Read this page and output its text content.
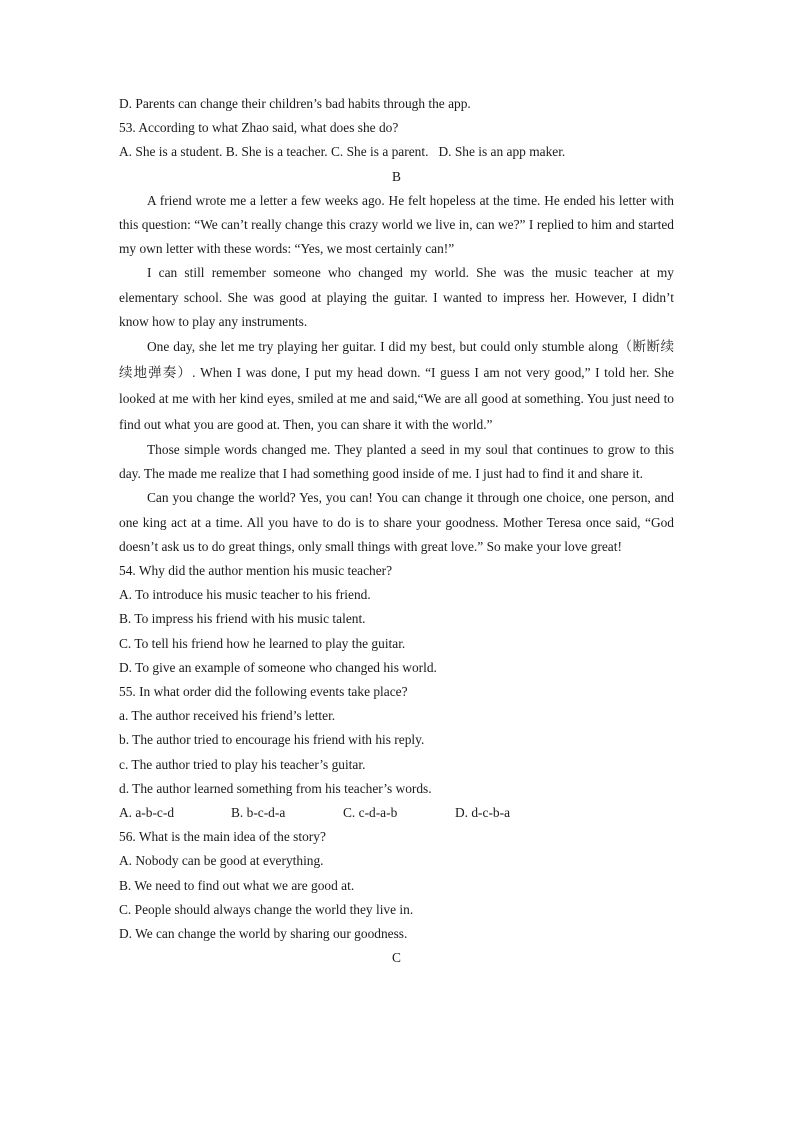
D. Parents can change their children’s bad habits through the app.

53. According to what Zhao said, what does she do?

A. She is a student. B. She is a teacher. C. She is a parent.   D. She is an app maker.

B

A friend wrote me a letter a few weeks ago. He felt hopeless at the time. He ended his letter with this question: “We can’t really change this crazy world we live in, can we?” I replied to him and started my own letter with these words: “Yes, we most certainly can!”

I can still remember someone who changed my world. She was the music teacher at my elementary school. She was good at playing the guitar. I wanted to impress her. However, I didn’t know how to play any instruments.

One day, she let me try playing her guitar. I did my best, but could only stumble along（断断续续地弹奏）. When I was done, I put my head down. “I guess I am not very good,” I told her. She looked at me with her kind eyes, smiled at me and said,“We are all good at something. You just need to find out what you are good at. Then, you can share it with the world.”

Those simple words changed me. They planted a seed in my soul that continues to grow to this day. The made me realize that I had something good inside of me. I just had to find it and share it.

Can you change the world? Yes, you can! You can change it through one choice, one person, and one king act at a time. All you have to do is to share your goodness. Mother Teresa once said, “God doesn’t ask us to do great things, only small things with great love.” So make your love great!

54. Why did the author mention his music teacher?

A. To introduce his music teacher to his friend.

B. To impress his friend with his music talent.

C. To tell his friend how he learned to play the guitar.

D. To give an example of someone who changed his world.

55. In what order did the following events take place?

a. The author received his friend’s letter.

b. The author tried to encourage his friend with his reply.

c. The author tried to play his teacher’s guitar.

d. The author learned something from his teacher’s words.

A. a-b-c-d	B. b-c-d-a	C. c-d-a-b	D. d-c-b-a

56. What is the main idea of the story?

A. Nobody can be good at everything.

B. We need to find out what we are good at.

C. People should always change the world they live in.

D. We can change the world by sharing our goodness.

C
